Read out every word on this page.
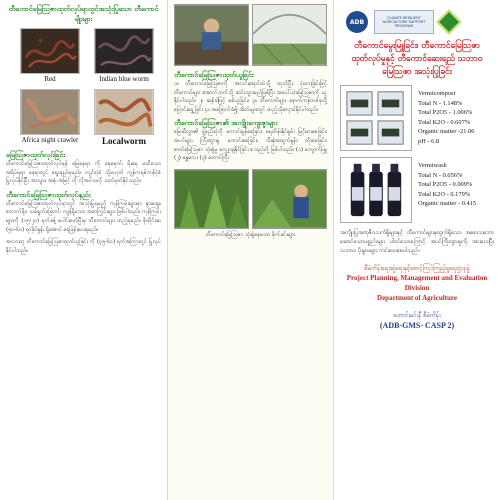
တီကောင်မြေဩဇာထုတ်လုပ်ရာတွင်အသုံးပြုသော တီကောင်မျိုးများ
Red	Indian blue worm
Africa night crawler	Localworm
မြေဩဇာထုတ်လုပ်ခြင်း
တီကောင်မြေဩဇာထုတ်လုပ်ရန် မြေနေရာ ကို နေရောင်၊ မိုးရေ မထိသော အရိပ်ရရာ နေရာတွင် ရွေးချယ်ရမည်။ ကျင်းပုံစံ သို့မဟုတ် ကွန်ကရစ်ကန်ပုံစံ ပြုလုပ်နိုင်ပြီး အလျား၊ အနံ၊ အမြင့် ကို လိုအပ်သလို သတ်မှတ်နိုင်သည်။
တီကောင်မြေဩဇာထုတ်လုပ်နည်း
တီကောင်မြေဩဇာထုတ်လုပ်ရာတွင် အသုံးပြုရမည့် ကုန်ကြမ်းများမှာ နွားချေး၊ ကောက်ရိုး၊ သစ်ရွက်ခြောက်၊ ကျန်ရှိသော အစာကြွင်းများ ဖြစ်ပါသည်။ ကုန်ကြမ်းများကို (၁၅-၂၀) ရက်ခန့် ပေါင်းဖော်ပြီးမှ တီကောင်များ ထည့်ရမည်။ စိုထိုင်းဆ (၅၀-၆၀) ရာခိုင်နှုန်း ရှိအောင် ရေဖြန်းပေးရမည်။
အလားတူ တီကောင်မြေဩဇာထုတ်ယူခြင်း ကို (၄၅-၆၀) ရက်အကြာတွင် ပြုလုပ်နိုင်ပါသည်။
တီကောင်မြေဩဇာထုတ်ယူခြင်း
၁။ တီကောင်မြေဩဇာကို အလင်းရောင်ထဲသို့ ထုတ်ပြီး ပုံထားခြင်းဖြင့် တီကောင်များ အောက်ဘက်သို့ ဆင်းသွားမည်ဖြစ်ပြီး အပေါ်ယံမြေဩဇာကို ယူနိုင်ပါသည်။ ၂။ ဆန်ခါဖြင့် စစ်ယူခြင်း၊ ၃။ တီကောင်များ နောက်ကန်တစ်ခုသို့ ပြောင်းရွှေ့ခြင်း ၄။ အခြောက်ခံ၍ အိတ်များတွင် ထည့်သိုလှောင်နိုင်ပါသည်။
တီကောင်မြေဩဇာ၏ အကျိုးကျေးဇူးများ
မြေဆီလွှာ၏ ဖွဲ့စည်းပုံကို ကောင်းမွန်စေခြင်း၊ ရေထိန်းနိုင်စွမ်း မြင့်မားစေခြင်း၊ အပင်များ ကြီးထွားမှု ကောင်းစေခြင်း၊ သီးနှံအထွက်နှုန်း တိုးစေခြင်း၊ ဓာတ်မြေဩဇာ သုံးစွဲမှု လျှော့ချနိုင်ခြင်း စသည်တို့ ဖြစ်ပါသည်။ (၁) ကျောက်ဖြူ (၂) မန္တလေး (၃) တောင်ကြီး
တီကောင်မြေဩဇာ သုံးစွဲနေသော စိုက်ခင်းများ
ADB
CLIMATE RESILIENT AGRICULTURE SUPPORT PROGRAM
တီကောင်မွေးမြူခြင်း၊ တီကောင်မြေဩဇာ ထုတ်လုပ်မှုနှင့် တီကောင်ဆေးရည် သဘာဝမြေဩဇာ အသုံးပြုခြင်း
Vermicompost
Total N - 1.148%
Total P2O5 - 1.006%
Total K2O - 0.607%
Organic matter -21.06
pH - 6.8
Vermiwash
Total N - 0.056%
Total P2O5 - 0.009%
Total K2O - 0.179%
Organic matter - 0.415
အကျိုးပြုအဏုဇီဝသက်ရှိများနှင့် တီကောင်များမှထွက်ရှိသော အစေးသဘောဆောင်သောပစ္စည်းများ ပါဝင်သောကြောင့် အပင်ကြီးထွားမှုကို အားပေးပြီး သဘာဝ ပိုးမွှားများ ကင်းဝေးစေပါသည်။
စီမံကိန်းရေးဆွဲရေးနှင့်စောင့်ကြပ်ကြည့်ရှုရေးဌာနခွဲ
Project Planning, Management and Evaluation Division
Department of Agriculture
ဟောင်းမင်းနီ စီမံကိန်း
(ADB-GMS- CASP 2)
